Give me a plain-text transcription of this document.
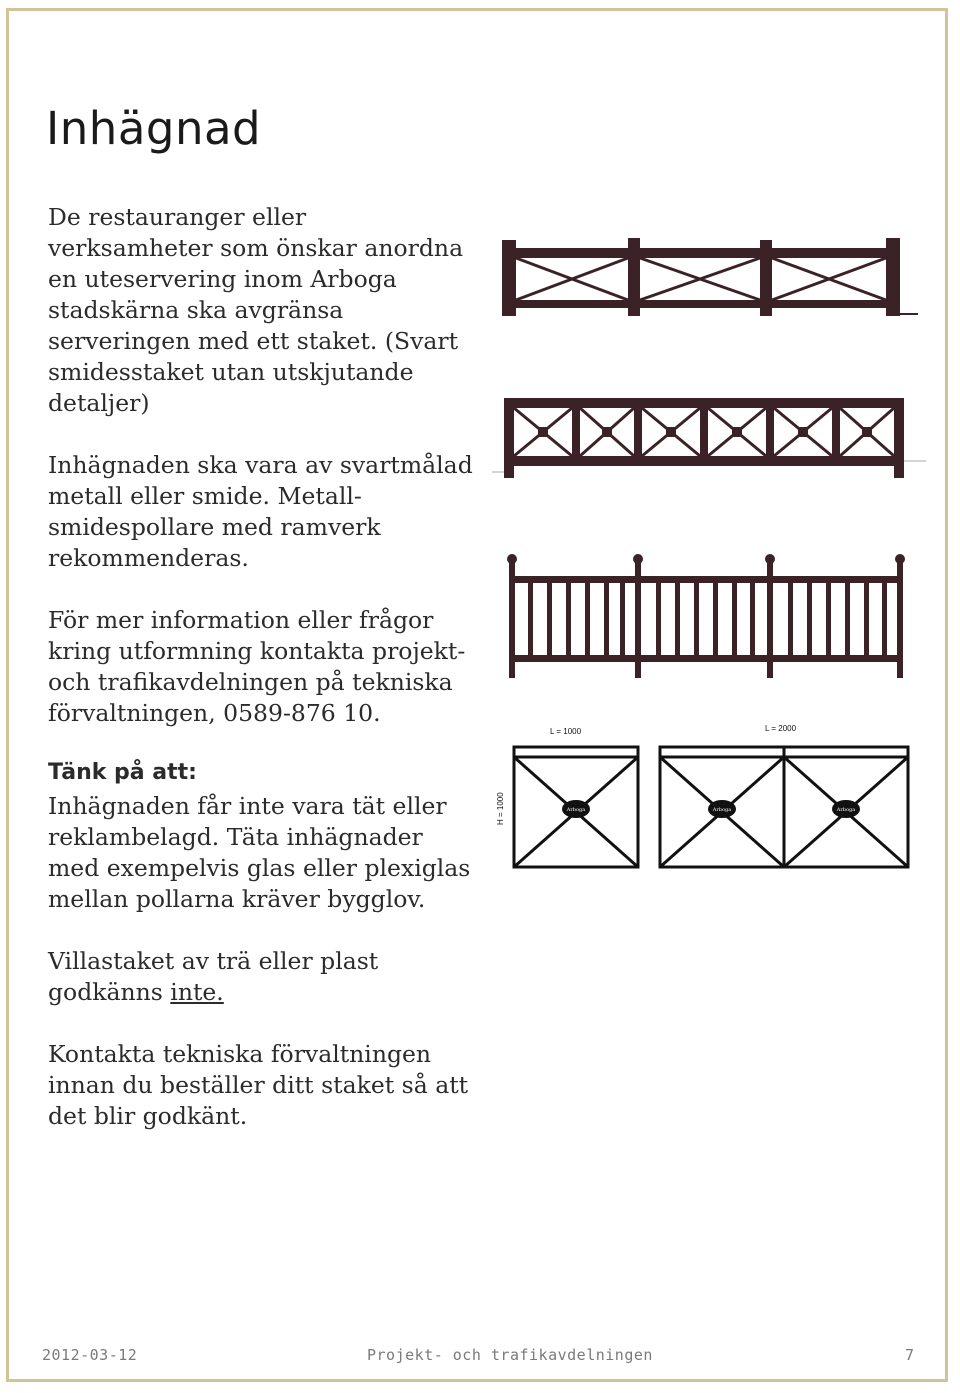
Inhägnad

De restauranger eller verksamheter som önskar anordna en uteservering inom Arboga stadskärna ska avgränsa serveringen med ett staket. (Svart smidesstaket utan utskjutande detaljer)

Inhägnaden ska vara av svartmålad metall eller smide. Metall-smidespollare med ramverk rekommenderas.

För mer information eller frågor kring utformning kontakta projekt- och trafikavdelningen på tekniska förvaltningen, 0589-876 10.

Tänk på att:

Inhägnaden får inte vara tät eller reklambelagd. Täta inhägnader med exempelvis glas eller plexiglas mellan pollarna kräver bygglov.

Villastaket av trä eller plast godkänns inte.

Kontakta tekniska förvaltningen innan du beställer ditt staket så att det blir godkänt.

L = 1000	L = 2000
H = 1000	Arboga	Arboga	Arboga
2012-03-12	Projekt- och trafikavdelningen	7
